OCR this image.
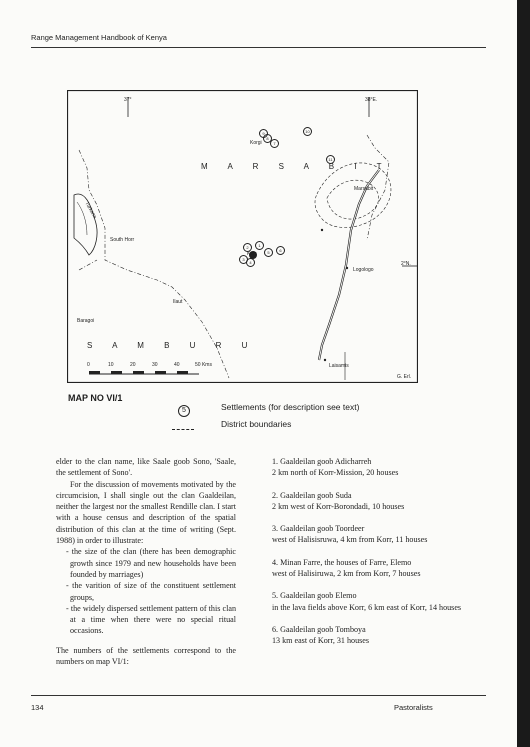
Range Management Handbook of Kenya
37°	38°E.
2°N.
M A R S A B I T
S A M B U R U
Turkana
Korgi
Korr
Marsabit
South Horr
Logologo
Laisamis
Ilaut
Baragoi
9
8
7
10
11
2	1
5	6
3
4
0	10	20	30	40	50 Kms
G. Erl.
MAP NO VI/1
5	Settlements (for description see text)
District boundaries

elder to the clan name, like Saale goob Sono, 'Saale, the settlement of Sono'.

For the discussion of movements motivated by the circumcision, I shall single out the clan Gaaldeilan, neither the largest nor the smallest Rendille clan. I start with a house census and description of the spatial distribution of this clan at the time of writing (Sept. 1988) in order to illustrate:

- the size of the clan (there has been demographic growth since 1979 and new households have been founded by marriages)

- the varition of size of the constituent settlement groups,

- the widely dispersed settlement pattern of this clan at a time when there were no special ritual occasions.

The numbers of the settlements correspond to the numbers on map VI/1:

1. Gaaldeilan goob Adicharreh
2 km north of Korr-Mission, 20 houses

2. Gaaldeilan goob Suda
2 km west of Korr-Borondadi, 10 houses

3. Gaaldeilan goob Toordeer
west of Halisisruwa, 4 km from Korr, 11 houses

4. Minan Farre, the houses of Farre, Elemo
west of Halisiruwa, 2 km from Korr, 7 houses

5. Gaaldeilan goob Elemo
in the lava fields above Korr, 6 km east of Korr, 14 houses

6. Gaaldeilan goob Tomboya
13 km east of Korr, 31 houses

134	Pastoralists
